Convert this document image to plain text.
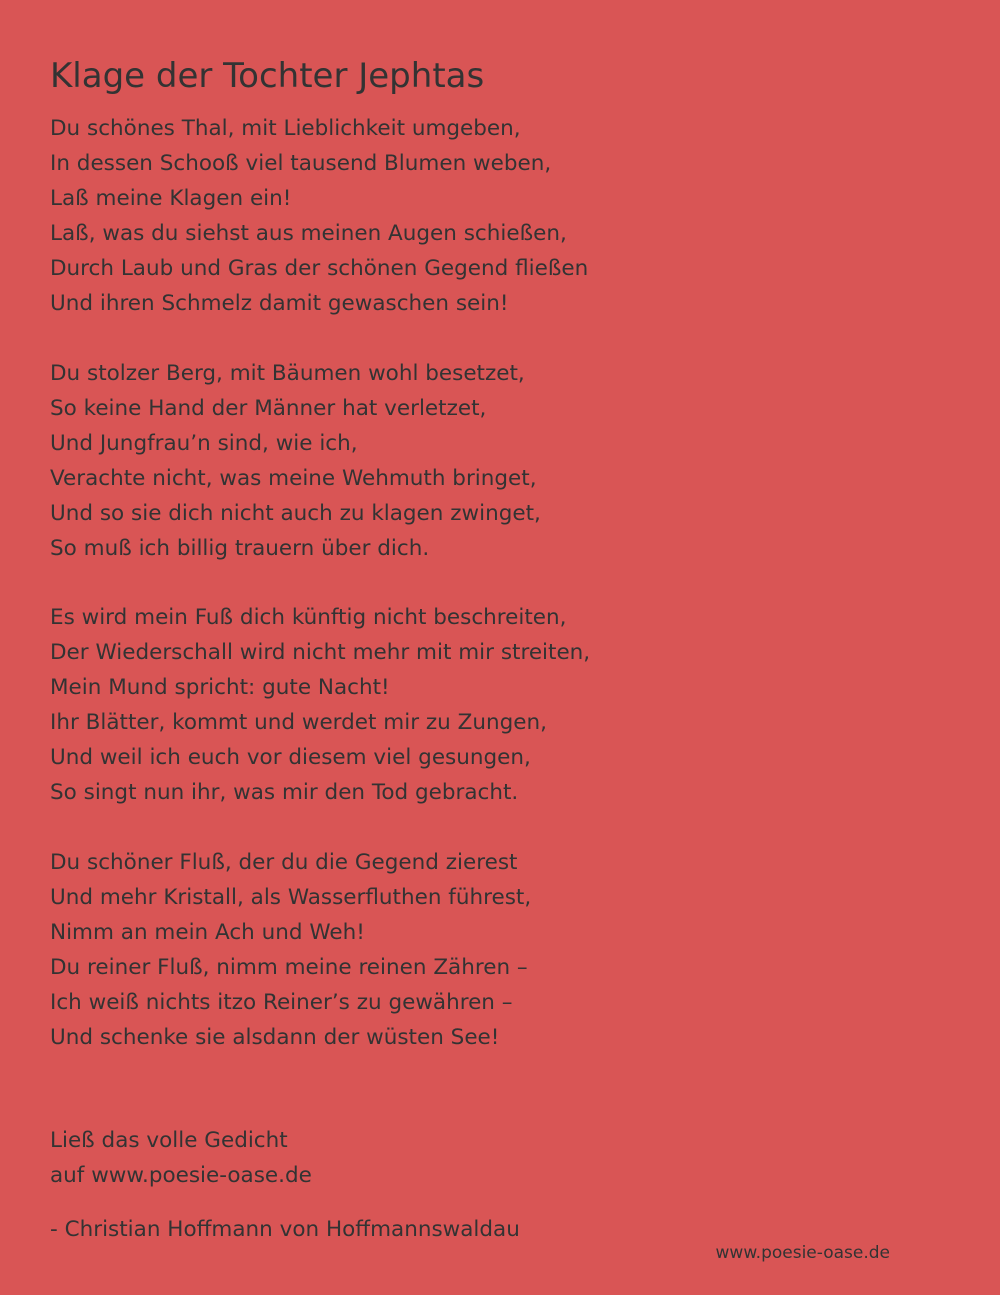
Klage der Tochter Jephtas
Du schönes Thal, mit Lieblichkeit umgeben,
In dessen Schooß viel tausend Blumen weben,
Laß meine Klagen ein!
Laß, was du siehst aus meinen Augen schießen,
Durch Laub und Gras der schönen Gegend fließen
Und ihren Schmelz damit gewaschen sein!
Du stolzer Berg, mit Bäumen wohl besetzet,
So keine Hand der Männer hat verletzet,
Und Jungfrau’n sind, wie ich,
Verachte nicht, was meine Wehmuth bringet,
Und so sie dich nicht auch zu klagen zwinget,
So muß ich billig trauern über dich.
Es wird mein Fuß dich künftig nicht beschreiten,
Der Wiederschall wird nicht mehr mit mir streiten,
Mein Mund spricht: gute Nacht!
Ihr Blätter, kommt und werdet mir zu Zungen,
Und weil ich euch vor diesem viel gesungen,
So singt nun ihr, was mir den Tod gebracht.
Du schöner Fluß, der du die Gegend zierest
Und mehr Kristall, als Wasserfluthen führest,
Nimm an mein Ach und Weh!
Du reiner Fluß, nimm meine reinen Zähren –
Ich weiß nichts itzo Reiner’s zu gewähren –
Und schenke sie alsdann der wüsten See!
Ließ das volle Gedicht
auf www.poesie-oase.de
- Christian Hoffmann von Hoffmannswaldau
www.poesie-oase.de
